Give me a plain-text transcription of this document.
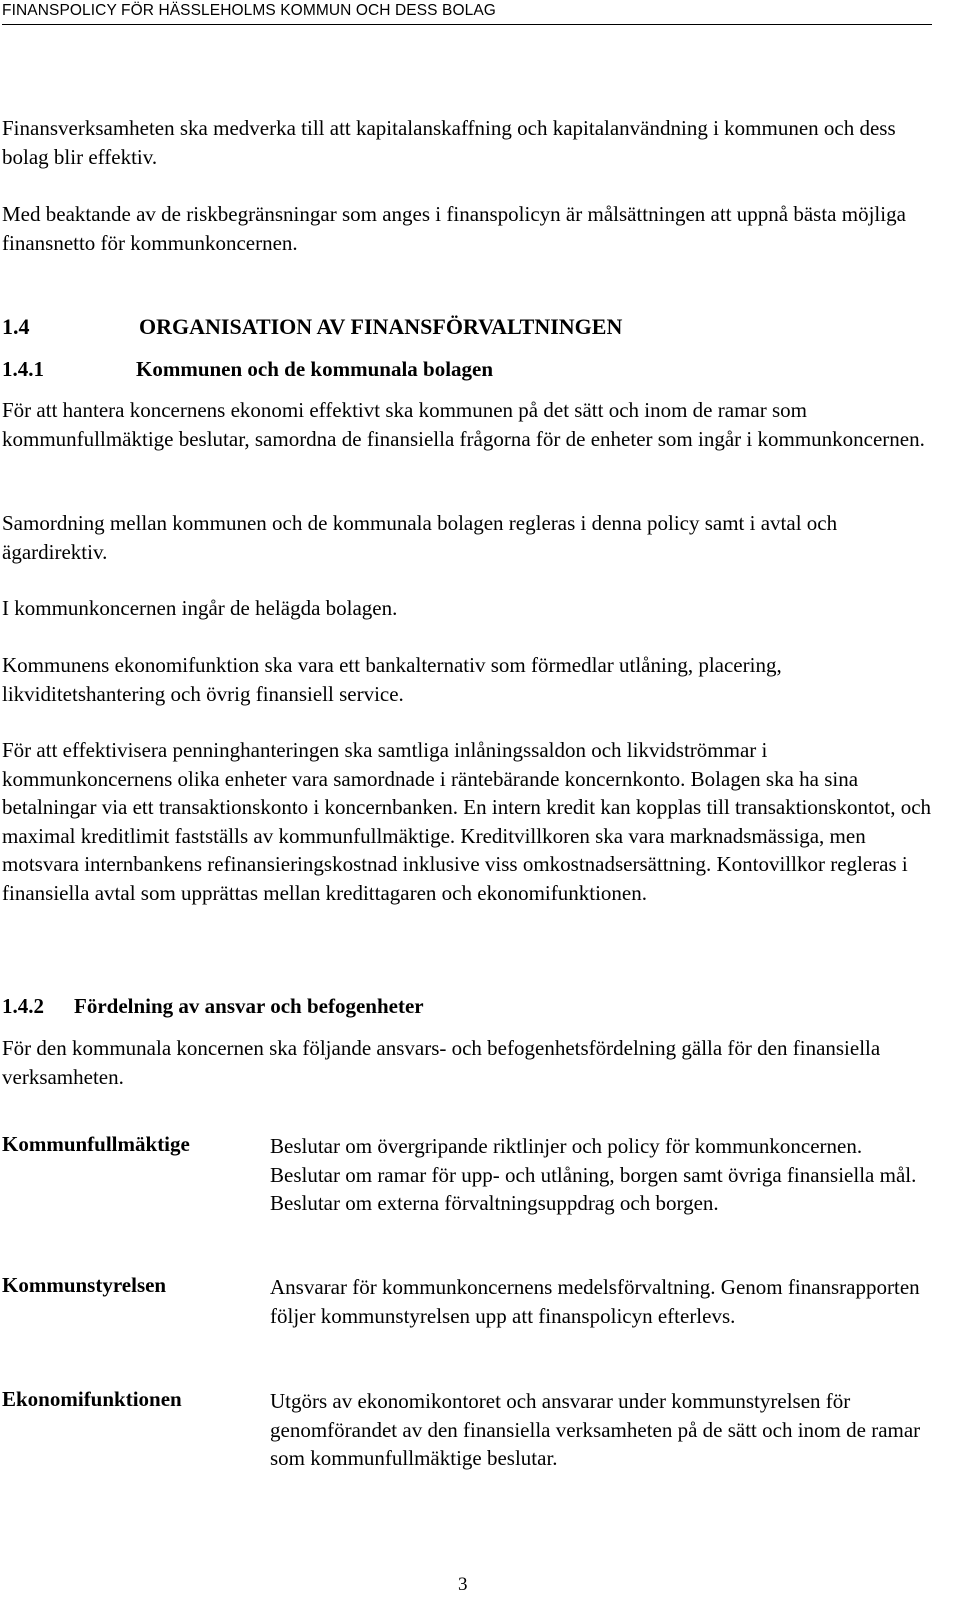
FINANSPOLICY FÖR HÄSSLEHOLMS KOMMUN OCH DESS BOLAG

Finansverksamheten ska medverka till att kapitalanskaffning och kapitalanvändning i kommunen och dess bolag blir effektiv.

Med beaktande av de riskbegränsningar som anges i finanspolicyn är målsättningen att uppnå bästa möjliga finansnetto för kommunkoncernen.

1.4	ORGANISATION AV FINANSFÖRVALTNINGEN
1.4.1	Kommunen och de kommunala bolagen

För att hantera koncernens ekonomi effektivt ska kommunen på det sätt och inom de ramar som kommunfullmäktige beslutar, samordna de finansiella frågorna för de enheter som ingår i kommunkoncernen.

Samordning mellan kommunen och de kommunala bolagen regleras i denna policy samt i avtal och ägardirektiv.

I kommunkoncernen ingår de helägda bolagen.

Kommunens ekonomifunktion ska vara ett bankalternativ som förmedlar utlåning, placering, likviditetshantering och övrig finansiell service.

För att effektivisera penninghanteringen ska samtliga inlåningssaldon och likvidströmmar i kommunkoncernens olika enheter vara samordnade i räntebärande koncernkonto. Bolagen ska ha sina betalningar via ett transaktionskonto i koncernbanken. En intern kredit kan kopplas till transaktionskontot, och maximal kreditlimit fastställs av kommunfullmäktige. Kreditvillkoren ska vara marknadsmässiga, men motsvara internbankens refinansieringskostnad inklusive viss omkostnadsersättning. Kontovillkor regleras i finansiella avtal som upprättas mellan kredittagaren och ekonomifunktionen.

1.4.2 Fördelning av ansvar och befogenheter

För den kommunala koncernen ska följande ansvars- och befogenhetsfördelning gälla för den finansiella verksamheten.

Kommunfullmäktige	Beslutar om övergripande riktlinjer och policy för kommunkoncernen. Beslutar om ramar för upp- och utlåning, borgen samt övriga finansiella mål. Beslutar om externa förvaltningsuppdrag och borgen.
Kommunstyrelsen	Ansvarar för kommunkoncernens medelsförvaltning. Genom finansrapporten följer kommunstyrelsen upp att finanspolicyn efterlevs.
Ekonomifunktionen	Utgörs av ekonomikontoret och ansvarar under kommunstyrelsen för genomförandet av den finansiella verksamheten på de sätt och inom de ramar som kommunfullmäktige beslutar.
3
